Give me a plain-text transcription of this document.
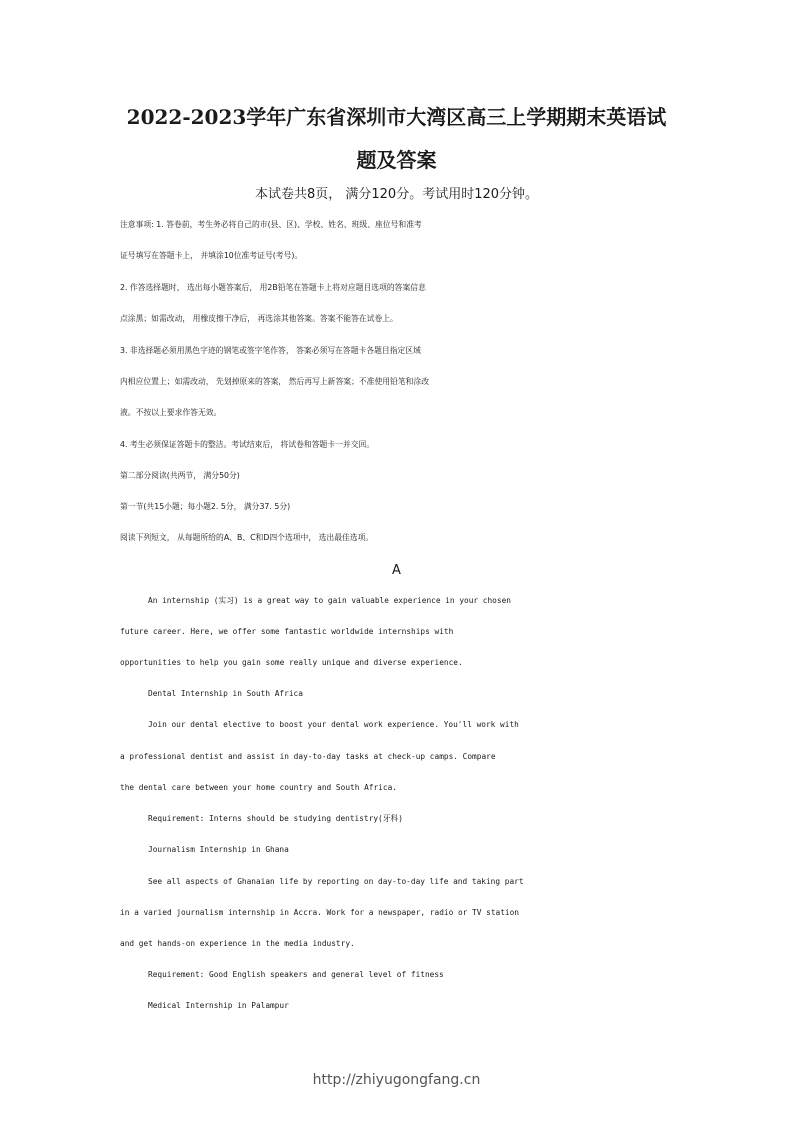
2022-2023学年广东省深圳市大湾区高三上学期期末英语试
题及答案
本试卷共8页， 满分120分。考试用时120分钟。

注意事项: 1. 答卷前，考生务必将自己的市(县、区)、学校、姓名、班级、座位号和准考

证号填写在答题卡上， 并填涂10位准考证号(考号)。

2. 作答选择题时， 选出每小题答案后， 用2B铅笔在答题卡上将对应题目选项的答案信息

点涂黑；如需改动， 用橡皮擦干净后， 再选涂其他答案。答案不能答在试卷上。

3. 非选择题必须用黑色字迹的钢笔或签字笔作答， 答案必须写在答题卡各题目指定区域

内相应位置上；如需改动， 先划掉原来的答案， 然后再写上新答案；不准使用铅笔和涂改

液。不按以上要求作答无效。

4. 考生必须保证答题卡的整洁。考试结束后， 将试卷和答题卡一并交回。

第二部分阅读(共两节， 满分50分)

第一节(共15小题；每小题2. 5分， 满分37. 5分)

阅读下列短文， 从每题所给的A、B、C和D四个选项中， 选出最佳选项。

A

An internship (实习) is a great way to gain valuable experience in your chosen

future career. Here, we offer some fantastic worldwide internships with

opportunities to help you gain some really unique and diverse experience.

Dental Internship in South Africa

Join our dental elective to boost your dental work experience. You'll work with

a professional dentist and assist in day-to-day tasks at check-up camps. Compare

the dental care between your home country and South Africa.

Requirement: Interns should be studying dentistry(牙科)

Journalism Internship in Ghana

See all aspects of Ghanaian life by reporting on day-to-day life and taking part

in a varied journalism internship in Accra. Work for a newspaper, radio or TV station

and get hands-on experience in the media industry.

Requirement: Good English speakers and general level of fitness

Medical Internship in Palampur

http://zhiyugongfang.cn
